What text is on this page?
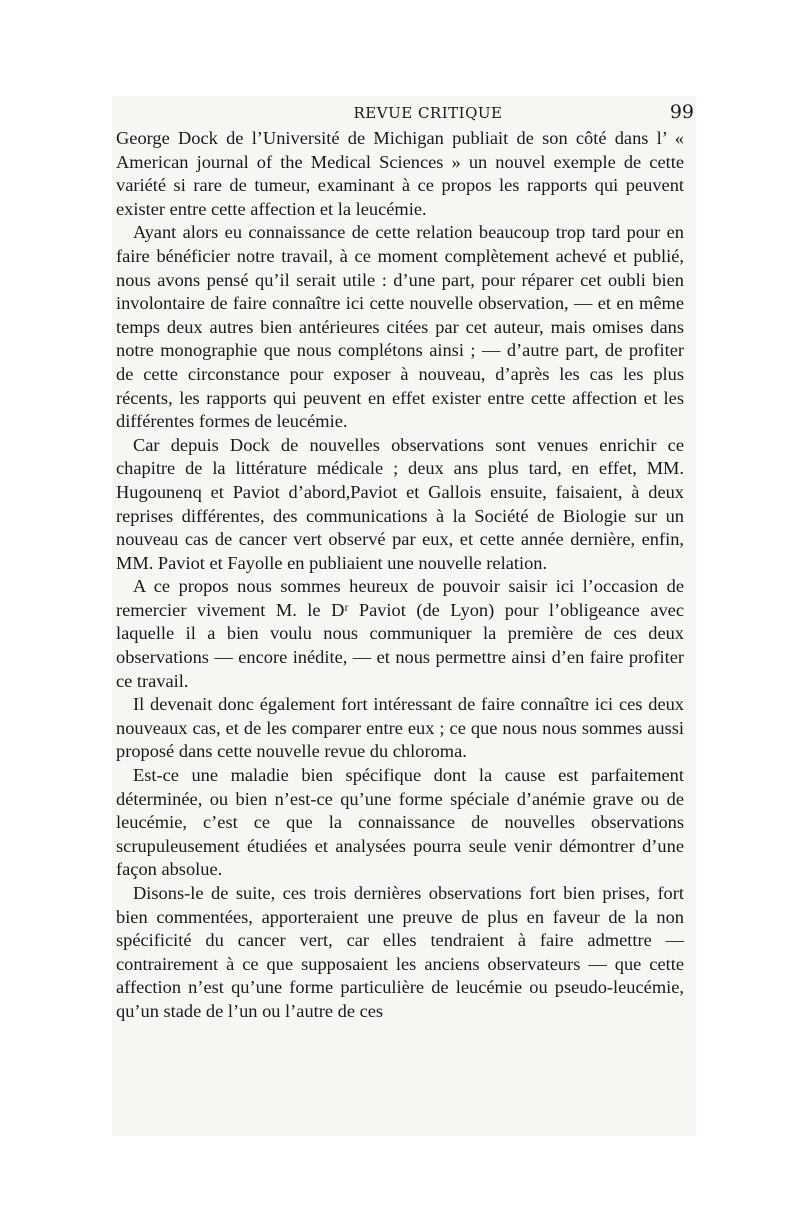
REVUE CRITIQUE	99

George Dock de l’Université de Michigan publiait de son côté dans l’ « American journal of the Medical Sciences » un nouvel exemple de cette variété si rare de tumeur, examinant à ce propos les rapports qui peuvent exister entre cette affection et la leucémie.

Ayant alors eu connaissance de cette relation beaucoup trop tard pour en faire bénéficier notre travail, à ce moment complètement achevé et publié, nous avons pensé qu’il serait utile : d’une part, pour réparer cet oubli bien involontaire de faire connaître ici cette nouvelle observation, — et en même temps deux autres bien antérieures citées par cet auteur, mais omises dans notre monographie que nous complétons ainsi ; — d’autre part, de profiter de cette circonstance pour exposer à nouveau, d’après les cas les plus récents, les rapports qui peuvent en effet exister entre cette affection et les différentes formes de leucémie.

Car depuis Dock de nouvelles observations sont venues enrichir ce chapitre de la littérature médicale ; deux ans plus tard, en effet, MM. Hugounenq et Paviot d’abord,Paviot et Gallois ensuite, faisaient, à deux reprises différentes, des communications à la Société de Biologie sur un nouveau cas de cancer vert observé par eux, et cette année dernière, enfin, MM. Paviot et Fayolle en publiaient une nouvelle relation.

A ce propos nous sommes heureux de pouvoir saisir ici l’occasion de remercier vivement M. le Dʳ Paviot (de Lyon) pour l’obligeance avec laquelle il a bien voulu nous communiquer la première de ces deux observations — encore inédite, — et nous permettre ainsi d’en faire profiter ce travail.

Il devenait donc également fort intéressant de faire connaître ici ces deux nouveaux cas, et de les comparer entre eux ; ce que nous nous sommes aussi proposé dans cette nouvelle revue du chloroma.

Est-ce une maladie bien spécifique dont la cause est parfaitement déterminée, ou bien n’est-ce qu’une forme spéciale d’anémie grave ou de leucémie, c’est ce que la connaissance de nouvelles observations scrupuleusement étudiées et analysées pourra seule venir démontrer d’une façon absolue.

Disons-le de suite, ces trois dernières observations fort bien prises, fort bien commentées, apporteraient une preuve de plus en faveur de la non spécificité du cancer vert, car elles tendraient à faire admettre — contrairement à ce que supposaient les anciens observateurs — que cette affection n’est qu’une forme particulière de leucémie ou pseudo-leucémie, qu’un stade de l’un ou l’autre de ces
